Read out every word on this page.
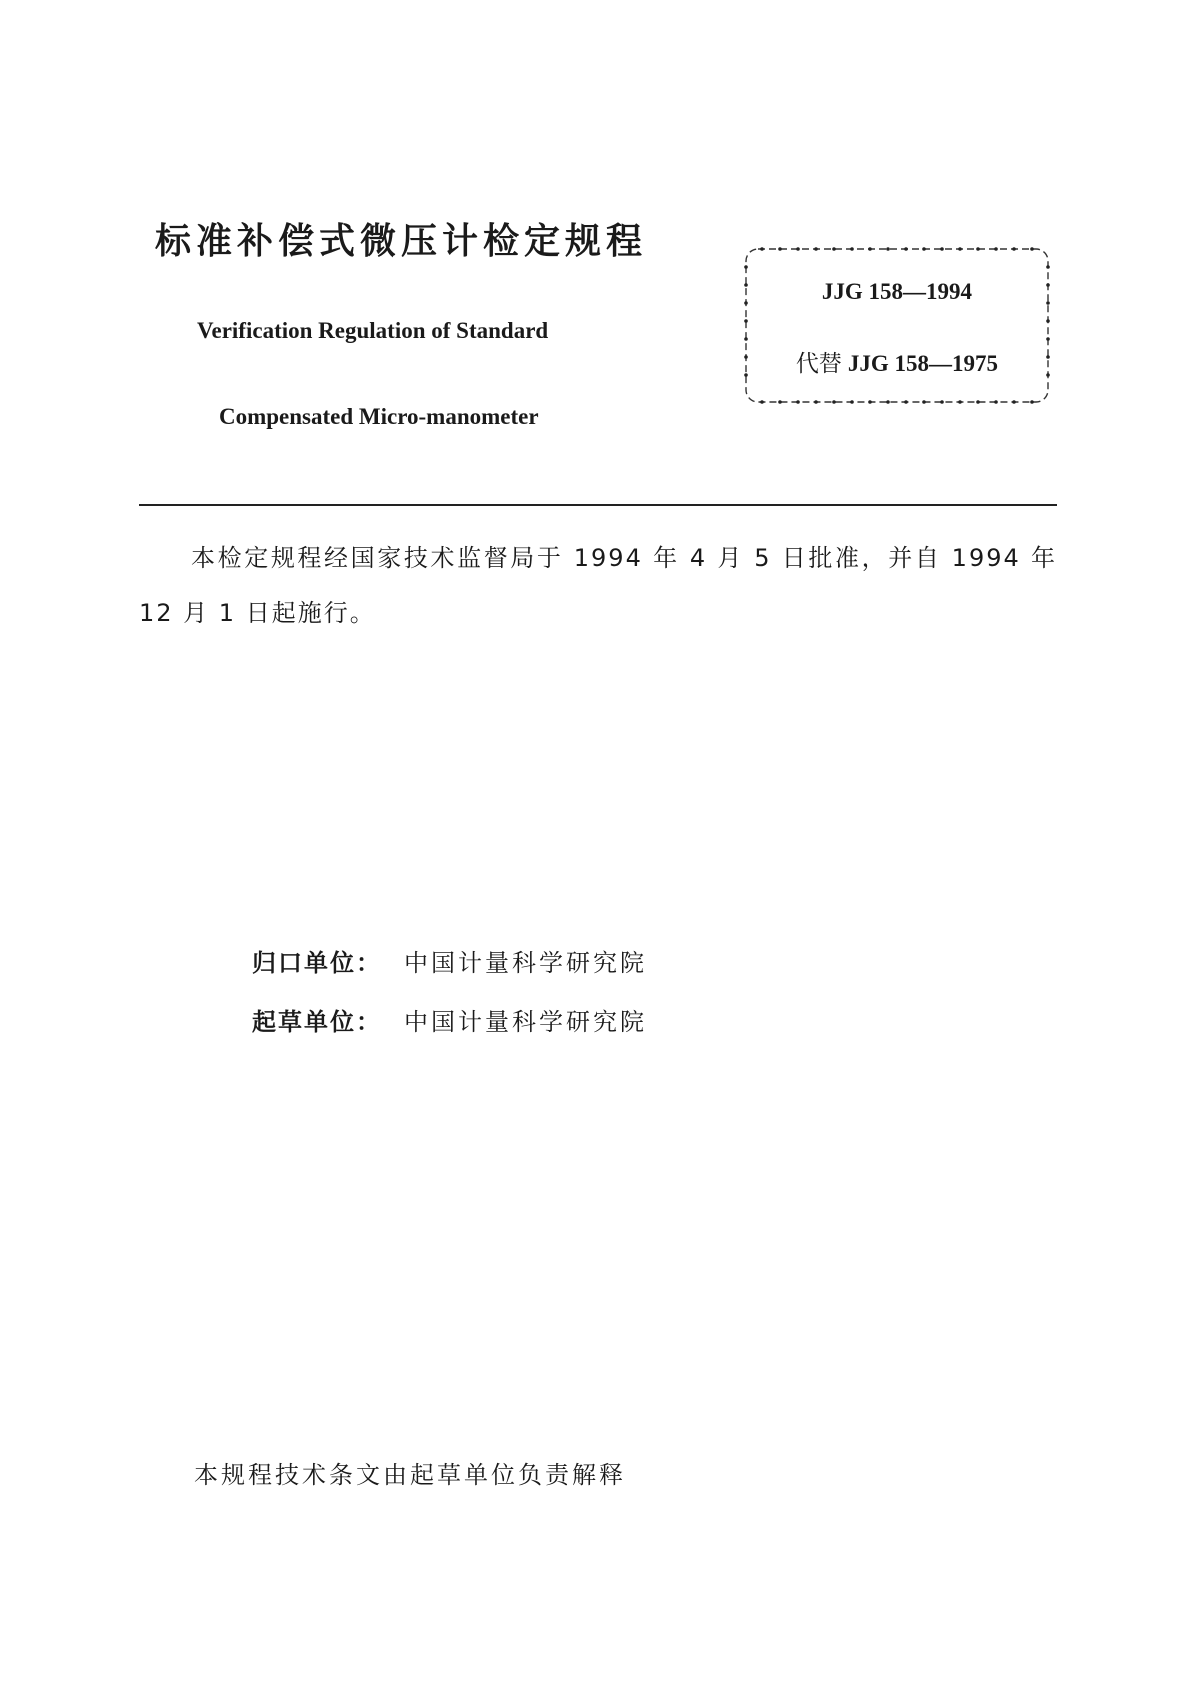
标准补偿式微压计检定规程
Verification Regulation of Standard
Compensated Micro-manometer
JJG 158—1994
代替 JJG 158—1975
本检定规程经国家技术监督局于 1994 年 4 月 5 日批准，并自 1994 年 12 月 1 日起施行。
归口单位： 中国计量科学研究院
起草单位： 中国计量科学研究院
本规程技术条文由起草单位负责解释
